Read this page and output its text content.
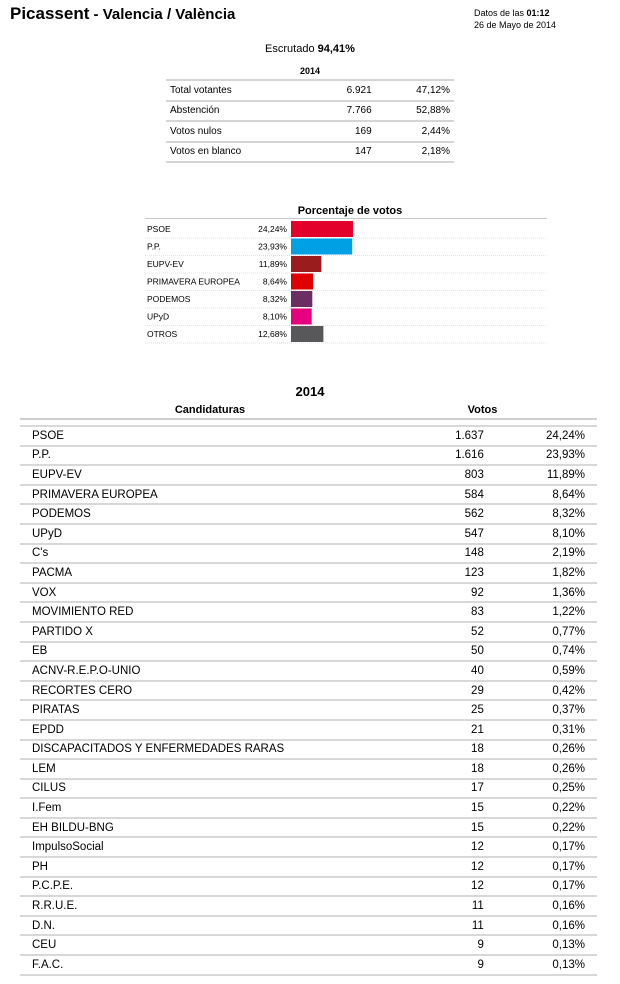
Picassent - Valencia / València	Datos de las 01:12
26 de Mayo de 2014
Escrutado 94,41%
2014
Total votantes	6.921	47,12%
Abstención	7.766	52,88%
Votos nulos	169	2,44%
Votos en blanco	147	2,18%
Porcentaje de votos
PSOE	24,24%
P.P.	23,93%
EUPV-EV	11,89%
PRIMAVERA EUROPEA	8,64%
PODEMOS	8,32%
UPyD	8,10%
OTROS	12,68%
2014
Candidaturas	Votos

PSOE	1.637	24,24%
P.P.	1.616	23,93%
EUPV-EV	803	11,89%
PRIMAVERA EUROPEA	584	8,64%
PODEMOS	562	8,32%
UPyD	547	8,10%
C's	148	2,19%
PACMA	123	1,82%
VOX	92	1,36%
MOVIMIENTO RED	83	1,22%
PARTIDO X	52	0,77%
EB	50	0,74%
ACNV-R.E.P.O-UNIO	40	0,59%
RECORTES CERO	29	0,42%
PIRATAS	25	0,37%
EPDD	21	0,31%
DISCAPACITADOS Y ENFERMEDADES RARAS	18	0,26%
LEM	18	0,26%
CILUS	17	0,25%
I.Fem	15	0,22%
EH BILDU-BNG	15	0,22%
ImpulsoSocial	12	0,17%
PH	12	0,17%
P.C.P.E.	12	0,17%
R.R.U.E.	11	0,16%
D.N.	11	0,16%
CEU	9	0,13%
F.A.C.	9	0,13%
